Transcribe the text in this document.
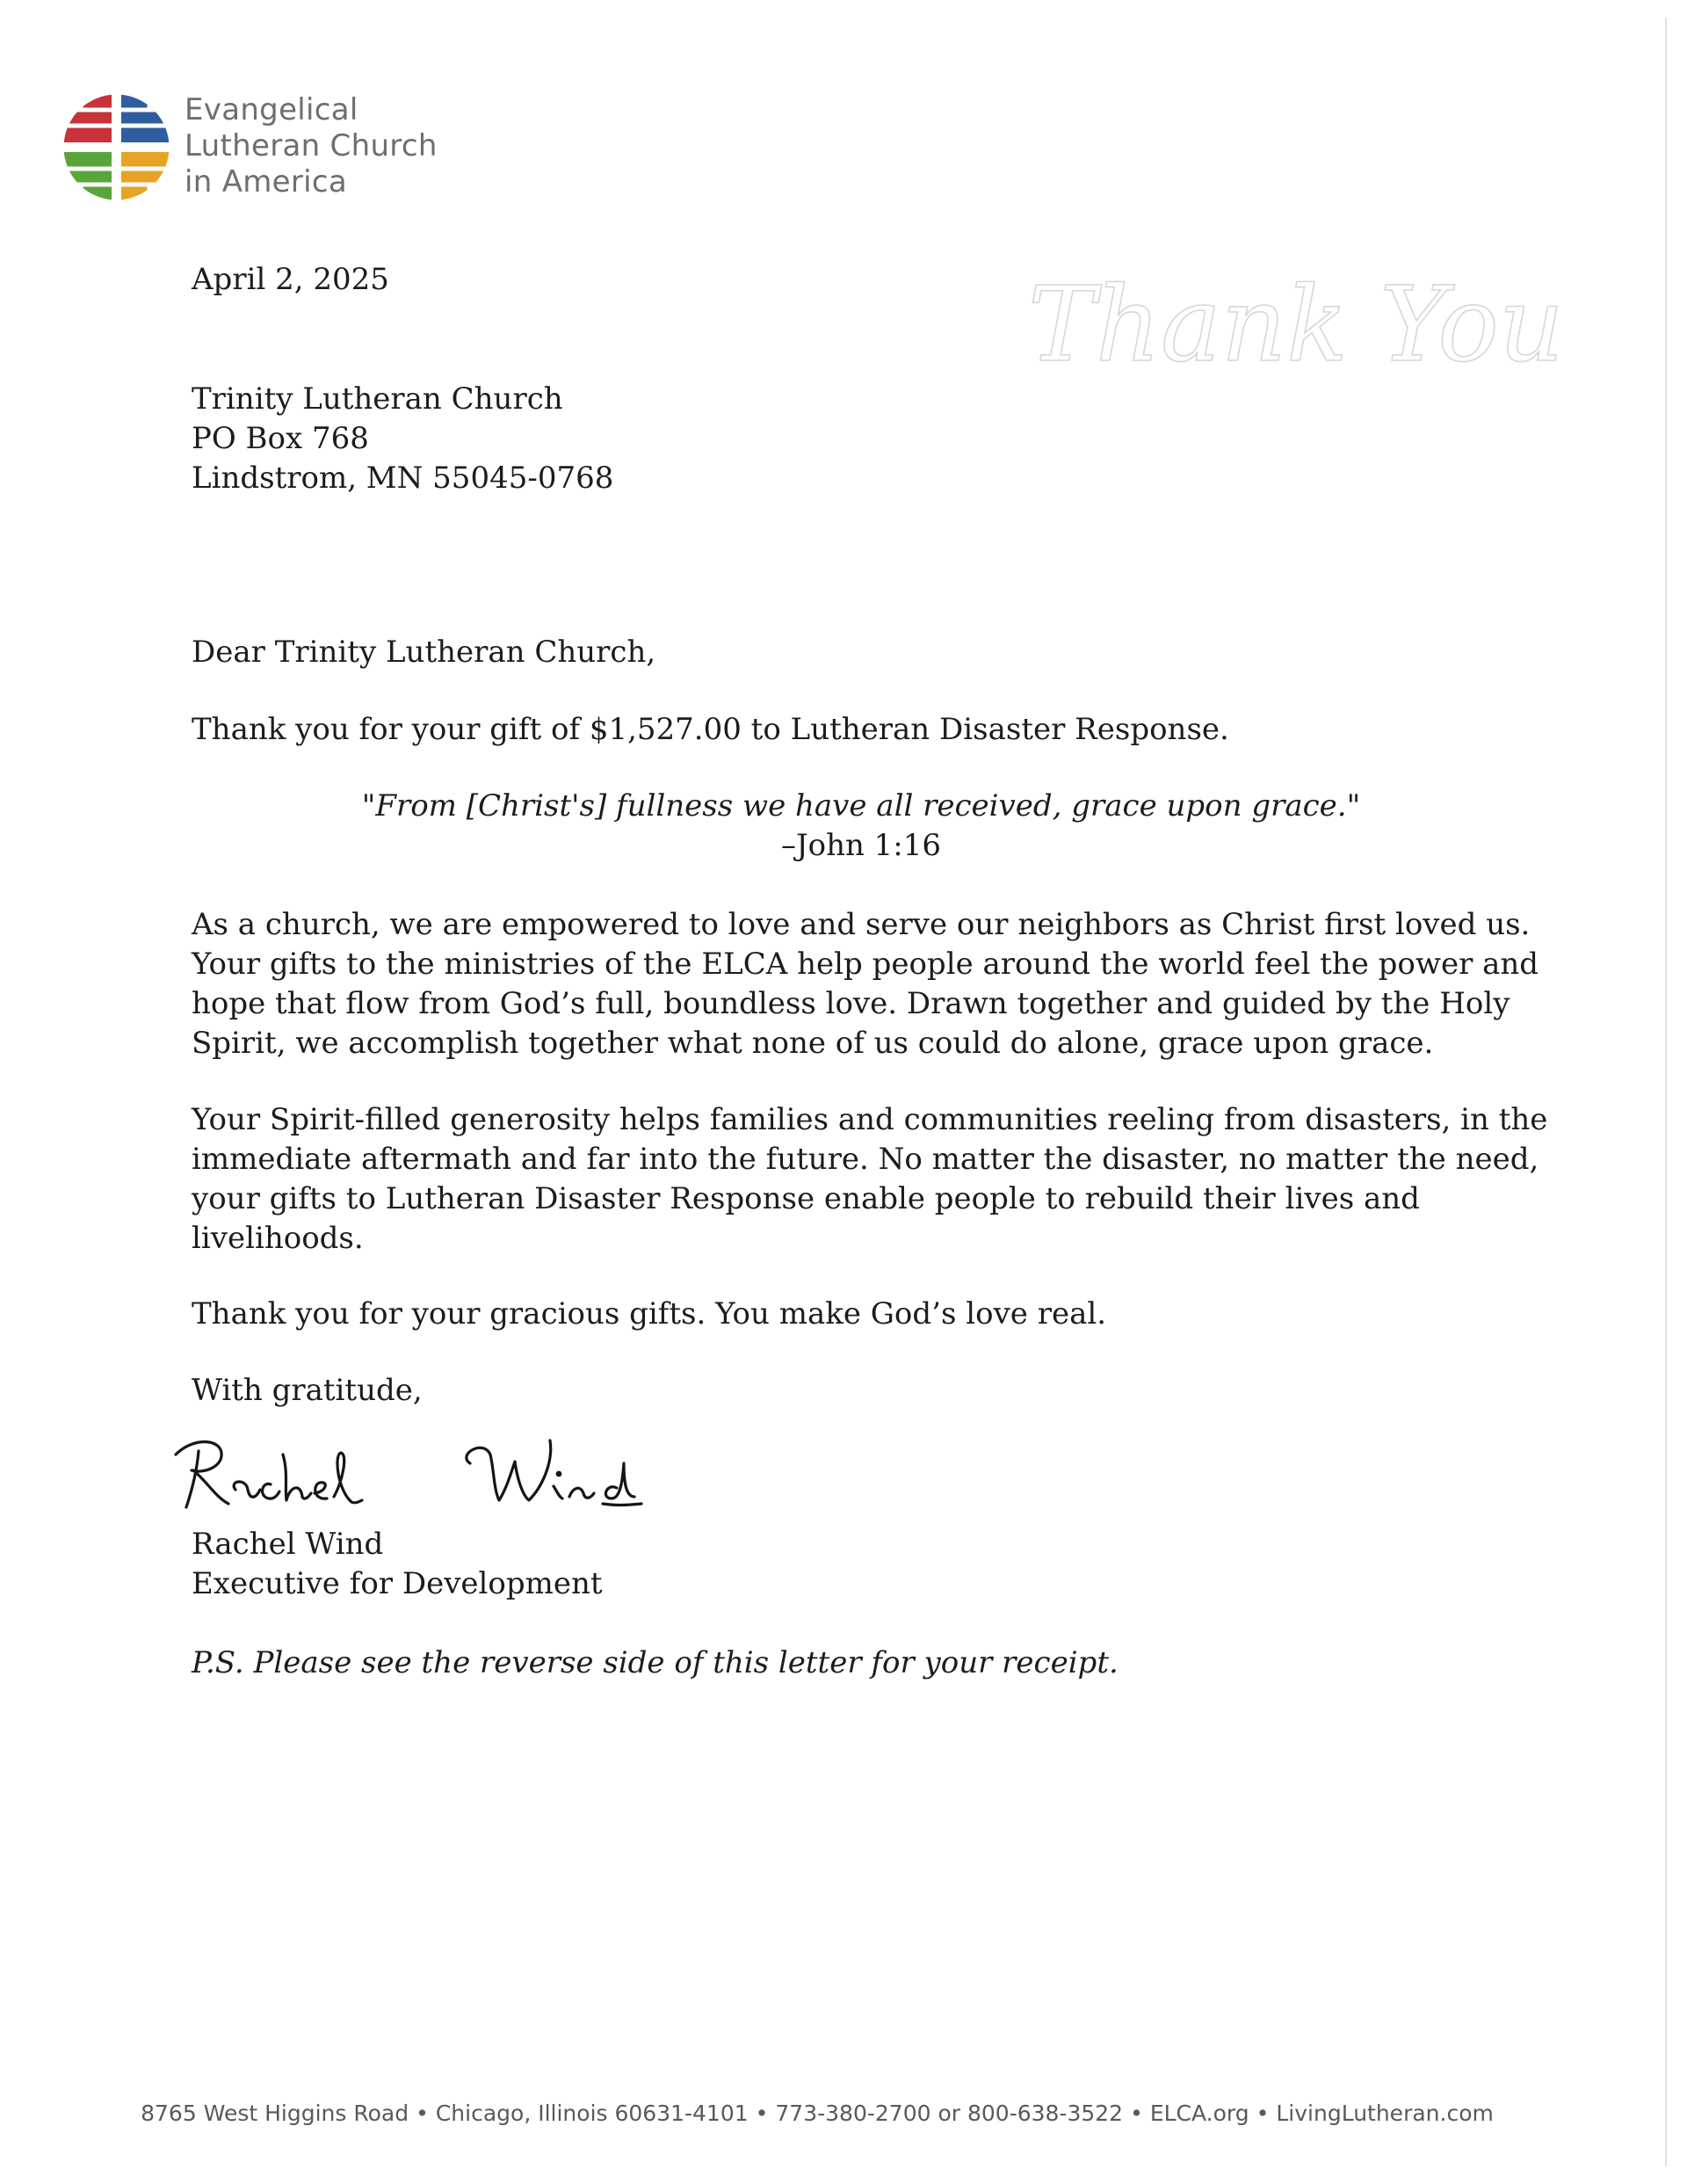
Evangelical
Lutheran Church
in America
Thank You
April 2, 2025
Trinity Lutheran Church
PO Box 768
Lindstrom, MN 55045-0768
Dear Trinity Lutheran Church,
Thank you for your gift of $1,527.00 to Lutheran Disaster Response.
"From [Christ's] fullness we have all received, grace upon grace."
–John 1:16
As a church, we are empowered to love and serve our neighbors as Christ first loved us.
Your gifts to the ministries of the ELCA help people around the world feel the power and
hope that flow from God’s full, boundless love. Drawn together and guided by the Holy
Spirit, we accomplish together what none of us could do alone, grace upon grace.
Your Spirit-filled generosity helps families and communities reeling from disasters, in the
immediate aftermath and far into the future. No matter the disaster, no matter the need,
your gifts to Lutheran Disaster Response enable people to rebuild their lives and
livelihoods.
Thank you for your gracious gifts. You make God’s love real.
With gratitude,
Rachel Wind
Executive for Development
P.S. Please see the reverse side of this letter for your receipt.
8765 West Higgins Road • Chicago, Illinois 60631-4101 • 773-380-2700 or 800-638-3522 • ELCA.org • LivingLutheran.com
